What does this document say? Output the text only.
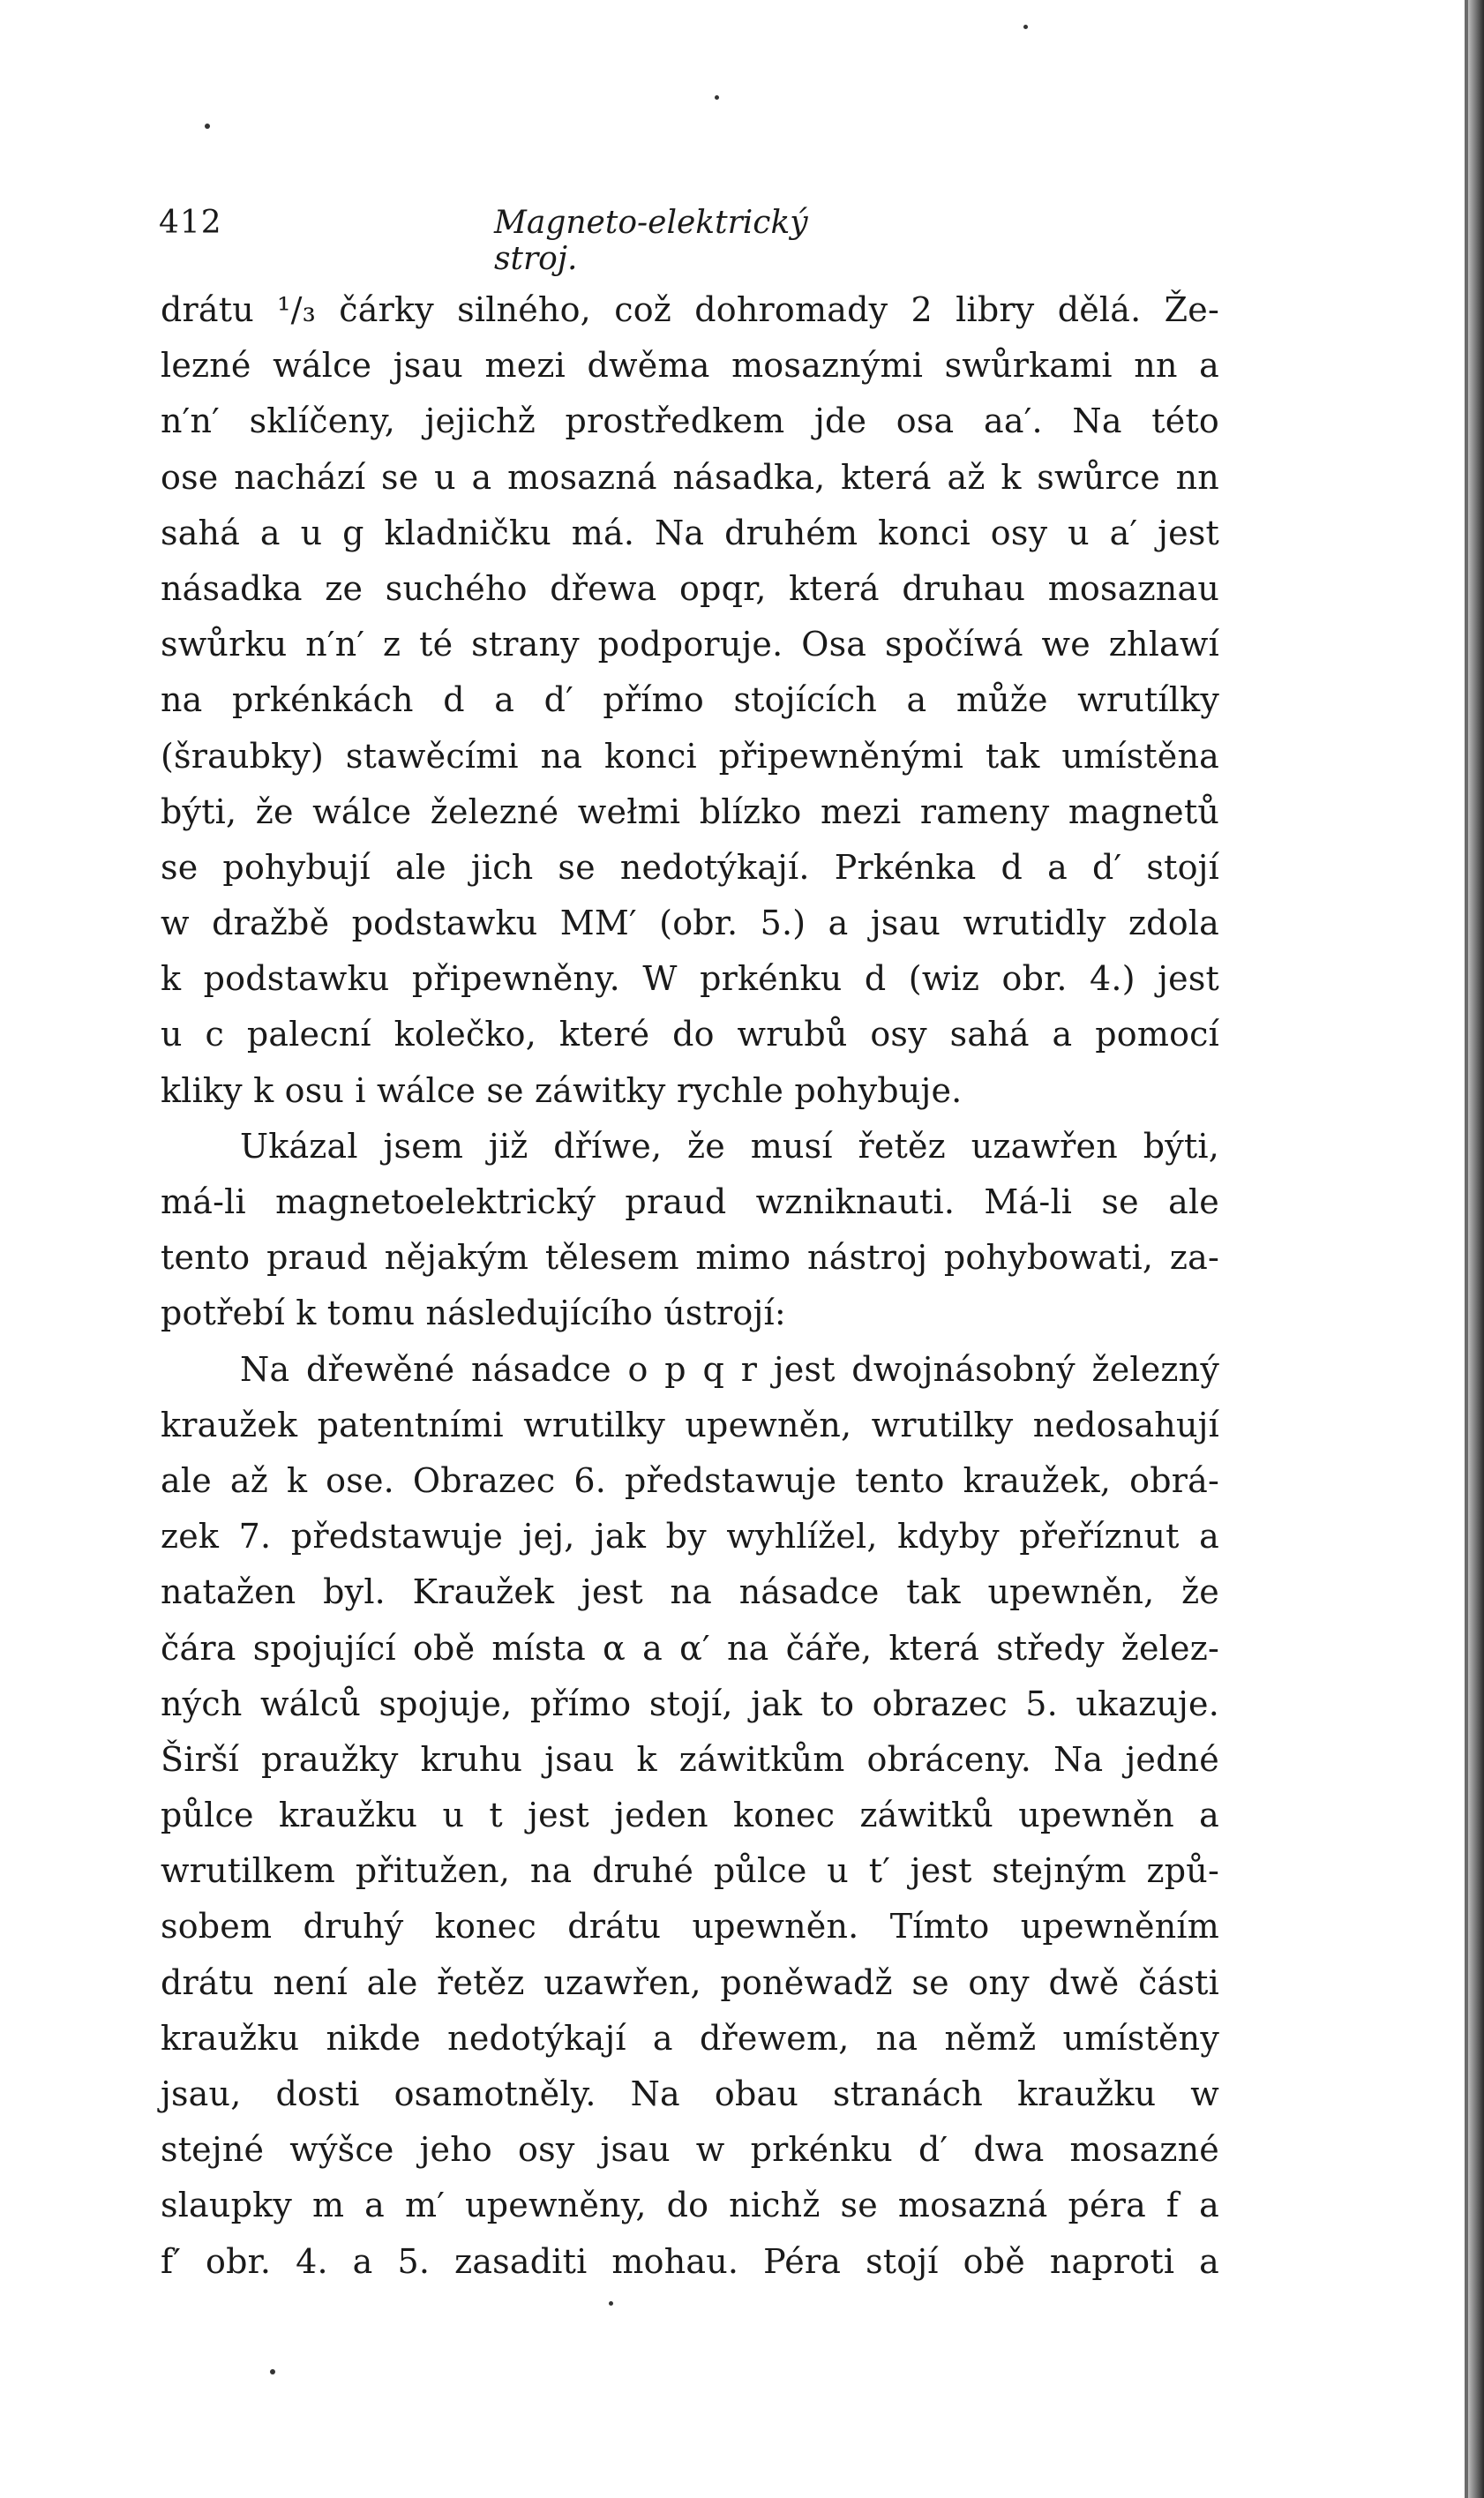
412	Magneto-elektrický stroj.
drátu ¹/₃ čárky silného, což dohromady 2 libry dělá. Že-
lezné wálce jsau mezi dwěma mosaznými swůrkami nn a
n′n′ sklíčeny, jejichž prostředkem jde osa aa′. Na této
ose nachází se u a mosazná násadka, která až k swůrce nn
sahá a u g kladničku má. Na druhém konci osy u a′ jest
násadka ze suchého dřewa opqr, která druhau mosaznau
swůrku n′n′ z té strany podporuje. Osa spočíwá we zhlawí
na prkénkách d a d′ přímo stojících a může wrutílky
(šraubky) stawěcími na konci připewněnými tak umístěna
býti, že wálce železné wełmi blízko mezi rameny magnetů
se pohybují ale jich se nedotýkají. Prkénka d a d′ stojí
w dražbě podstawku MM′ (obr. 5.) a jsau wrutidly zdola
k podstawku připewněny. W prkénku d (wiz obr. 4.) jest
u c palecní kolečko, které do wrubů osy sahá a pomocí
kliky k osu i wálce se záwitky rychle pohybuje.
Ukázal jsem již dříwe, že musí řetěz uzawřen býti,
má-li magnetoelektrický praud wzniknauti. Má-li se ale
tento praud nějakým tělesem mimo nástroj pohybowati, za-
potřebí k tomu následujícího ústrojí:
Na dřewěné násadce o p q r jest dwojnásobný železný
kraužek patentními wrutilky upewněn, wrutilky nedosahují
ale až k ose. Obrazec 6. předstawuje tento kraužek, obrá-
zek 7. předstawuje jej, jak by wyhlížel, kdyby přeříznut a
natažen byl. Kraužek jest na násadce tak upewněn, že
čára spojující obě místa α a α′ na čáře, která středy želez-
ných wálců spojuje, přímo stojí, jak to obrazec 5. ukazuje.
Širší praužky kruhu jsau k záwitkům obráceny. Na jedné
půlce kraužku u t jest jeden konec záwitků upewněn a
wrutilkem přitužen, na druhé půlce u t′ jest stejným způ-
sobem druhý konec drátu upewněn. Tímto upewněním
drátu není ale řetěz uzawřen, poněwadž se ony dwě části
kraužku nikde nedotýkají a dřewem, na němž umístěny
jsau, dosti osamotněly. Na obau stranách kraužku w
stejné wýšce jeho osy jsau w prkénku d′ dwa mosazné
slaupky m a m′ upewněny, do nichž se mosazná péra f a
f′ obr. 4. a 5. zasaditi mohau. Péra stojí obě naproti a
